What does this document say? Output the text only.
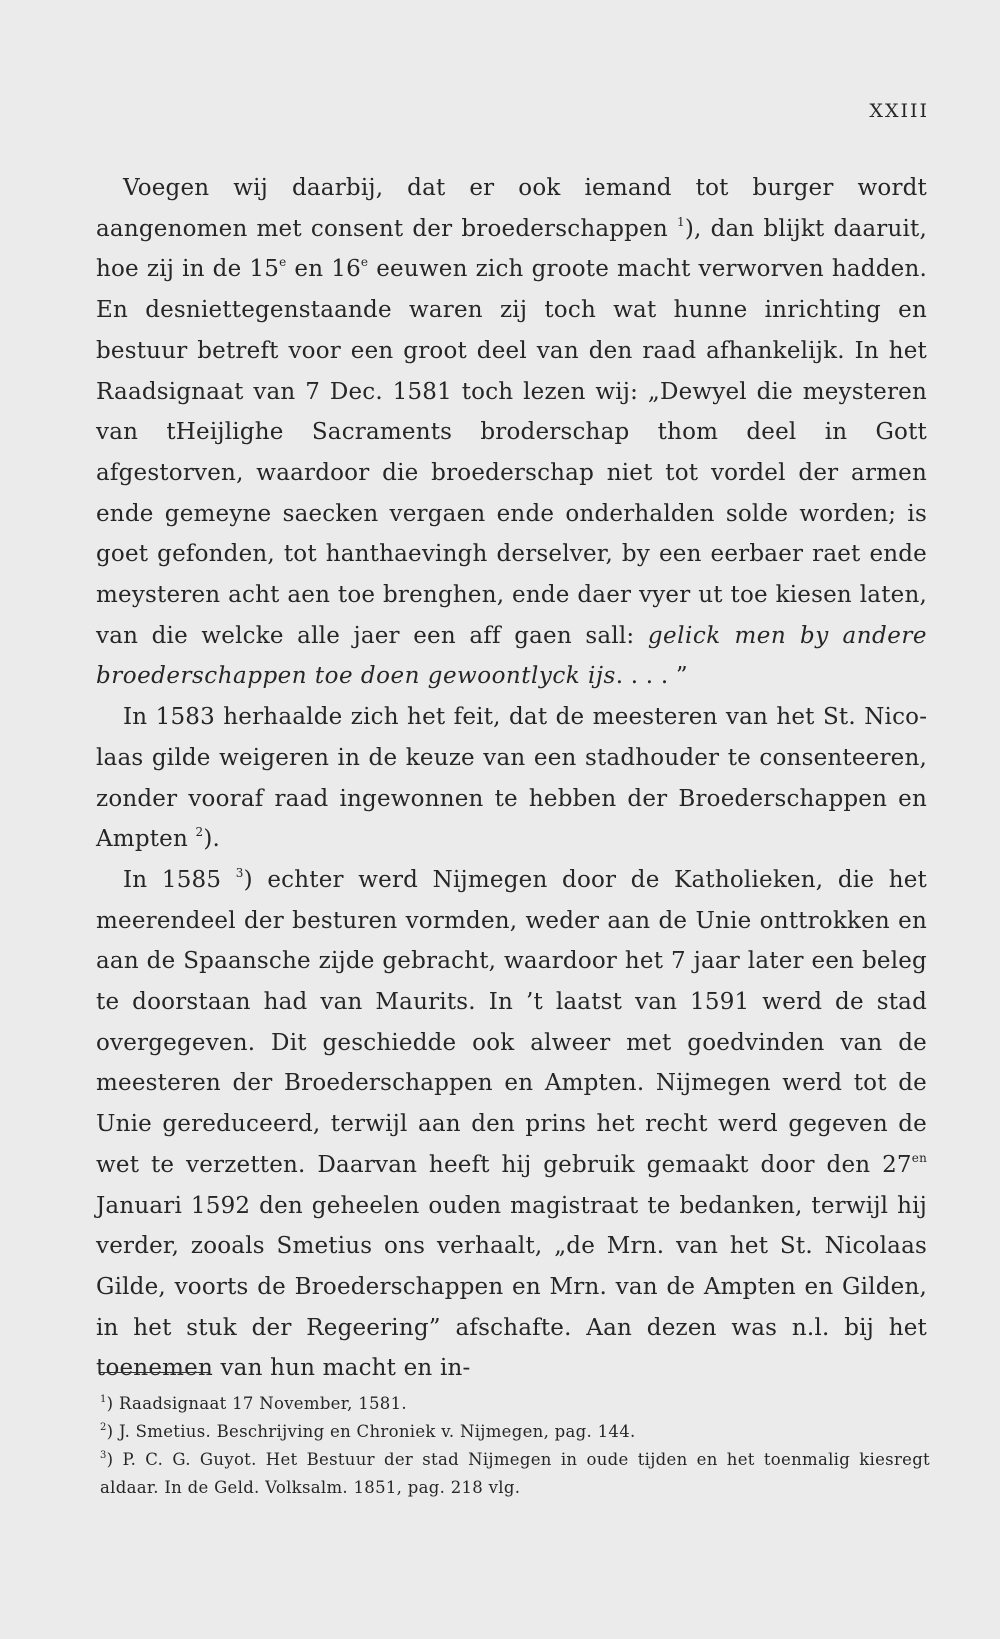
XXIII

Voegen wij daarbij, dat er ook iemand tot burger wordt aangenomen met consent der broederschappen $^1$), dan blijkt daaruit, hoe zij in de 15e en 16e eeuwen zich groote macht verworven hadden. En desniettegenstaande waren zij toch wat hunne inrichting en bestuur betreft voor een groot deel van den raad afhankelijk. In het Raadsignaat van 7 Dec. 1581 toch lezen wij: „Dewyel die meysteren van tHeijlighe Sacraments broderschap thom deel in Gott afgestorven, waardoor die broederschap niet tot vordel der armen ende gemeyne saecken vergaen ende onderhalden solde worden; is goet gefonden, tot hanthaevingh derselver, by een eerbaer raet ende meysteren acht aen toe brenghen, ende daer vyer ut toe kiesen laten, van die welcke alle jaer een aff gaen sall: gelick men by andere broederschappen toe doen gewoontlyck ijs. . . . ”

In 1583 herhaalde zich het feit, dat de meesteren van het St. Nicolaas gilde weigeren in de keuze van een stadhouder te consenteeren, zonder vooraf raad ingewonnen te hebben der Broederschappen en Ampten $^2$).

In 1585 $^3$) echter werd Nijmegen door de Katholieken, die het meerendeel der besturen vormden, weder aan de Unie onttrokken en aan de Spaansche zijde gebracht, waardoor het 7 jaar later een beleg te doorstaan had van Maurits. In ’t laatst van 1591 werd de stad overgegeven. Dit geschiedde ook alweer met goedvinden van de meesteren der Broederschappen en Ampten. Nijmegen werd tot de Unie gereduceerd, terwijl aan den prins het recht werd gegeven de wet te verzetten. Daarvan heeft hij gebruik gemaakt door den $27^{en}$ Januari 1592 den geheelen ouden magistraat te bedanken, terwijl hij verder, zooals Smetius ons verhaalt, „de Mrn. van het St. Nicolaas Gilde, voorts de Broederschappen en Mrn. van de Ampten en Gilden, in het stuk der Regeering” afschafte. Aan dezen was n.l. bij het toenemen van hun macht en in-

$^1$) Raadsignaat 17 November, 1581.
$^2$) J. Smetius. Beschrijving en Chroniek v. Nijmegen, pag. 144.
$^3$) P. C. G. Guyot. Het Bestuur der stad Nijmegen in oude tijden en het toenmalig kiesregt aldaar. In de Geld. Volksalm. 1851, pag. 218 vlg.
